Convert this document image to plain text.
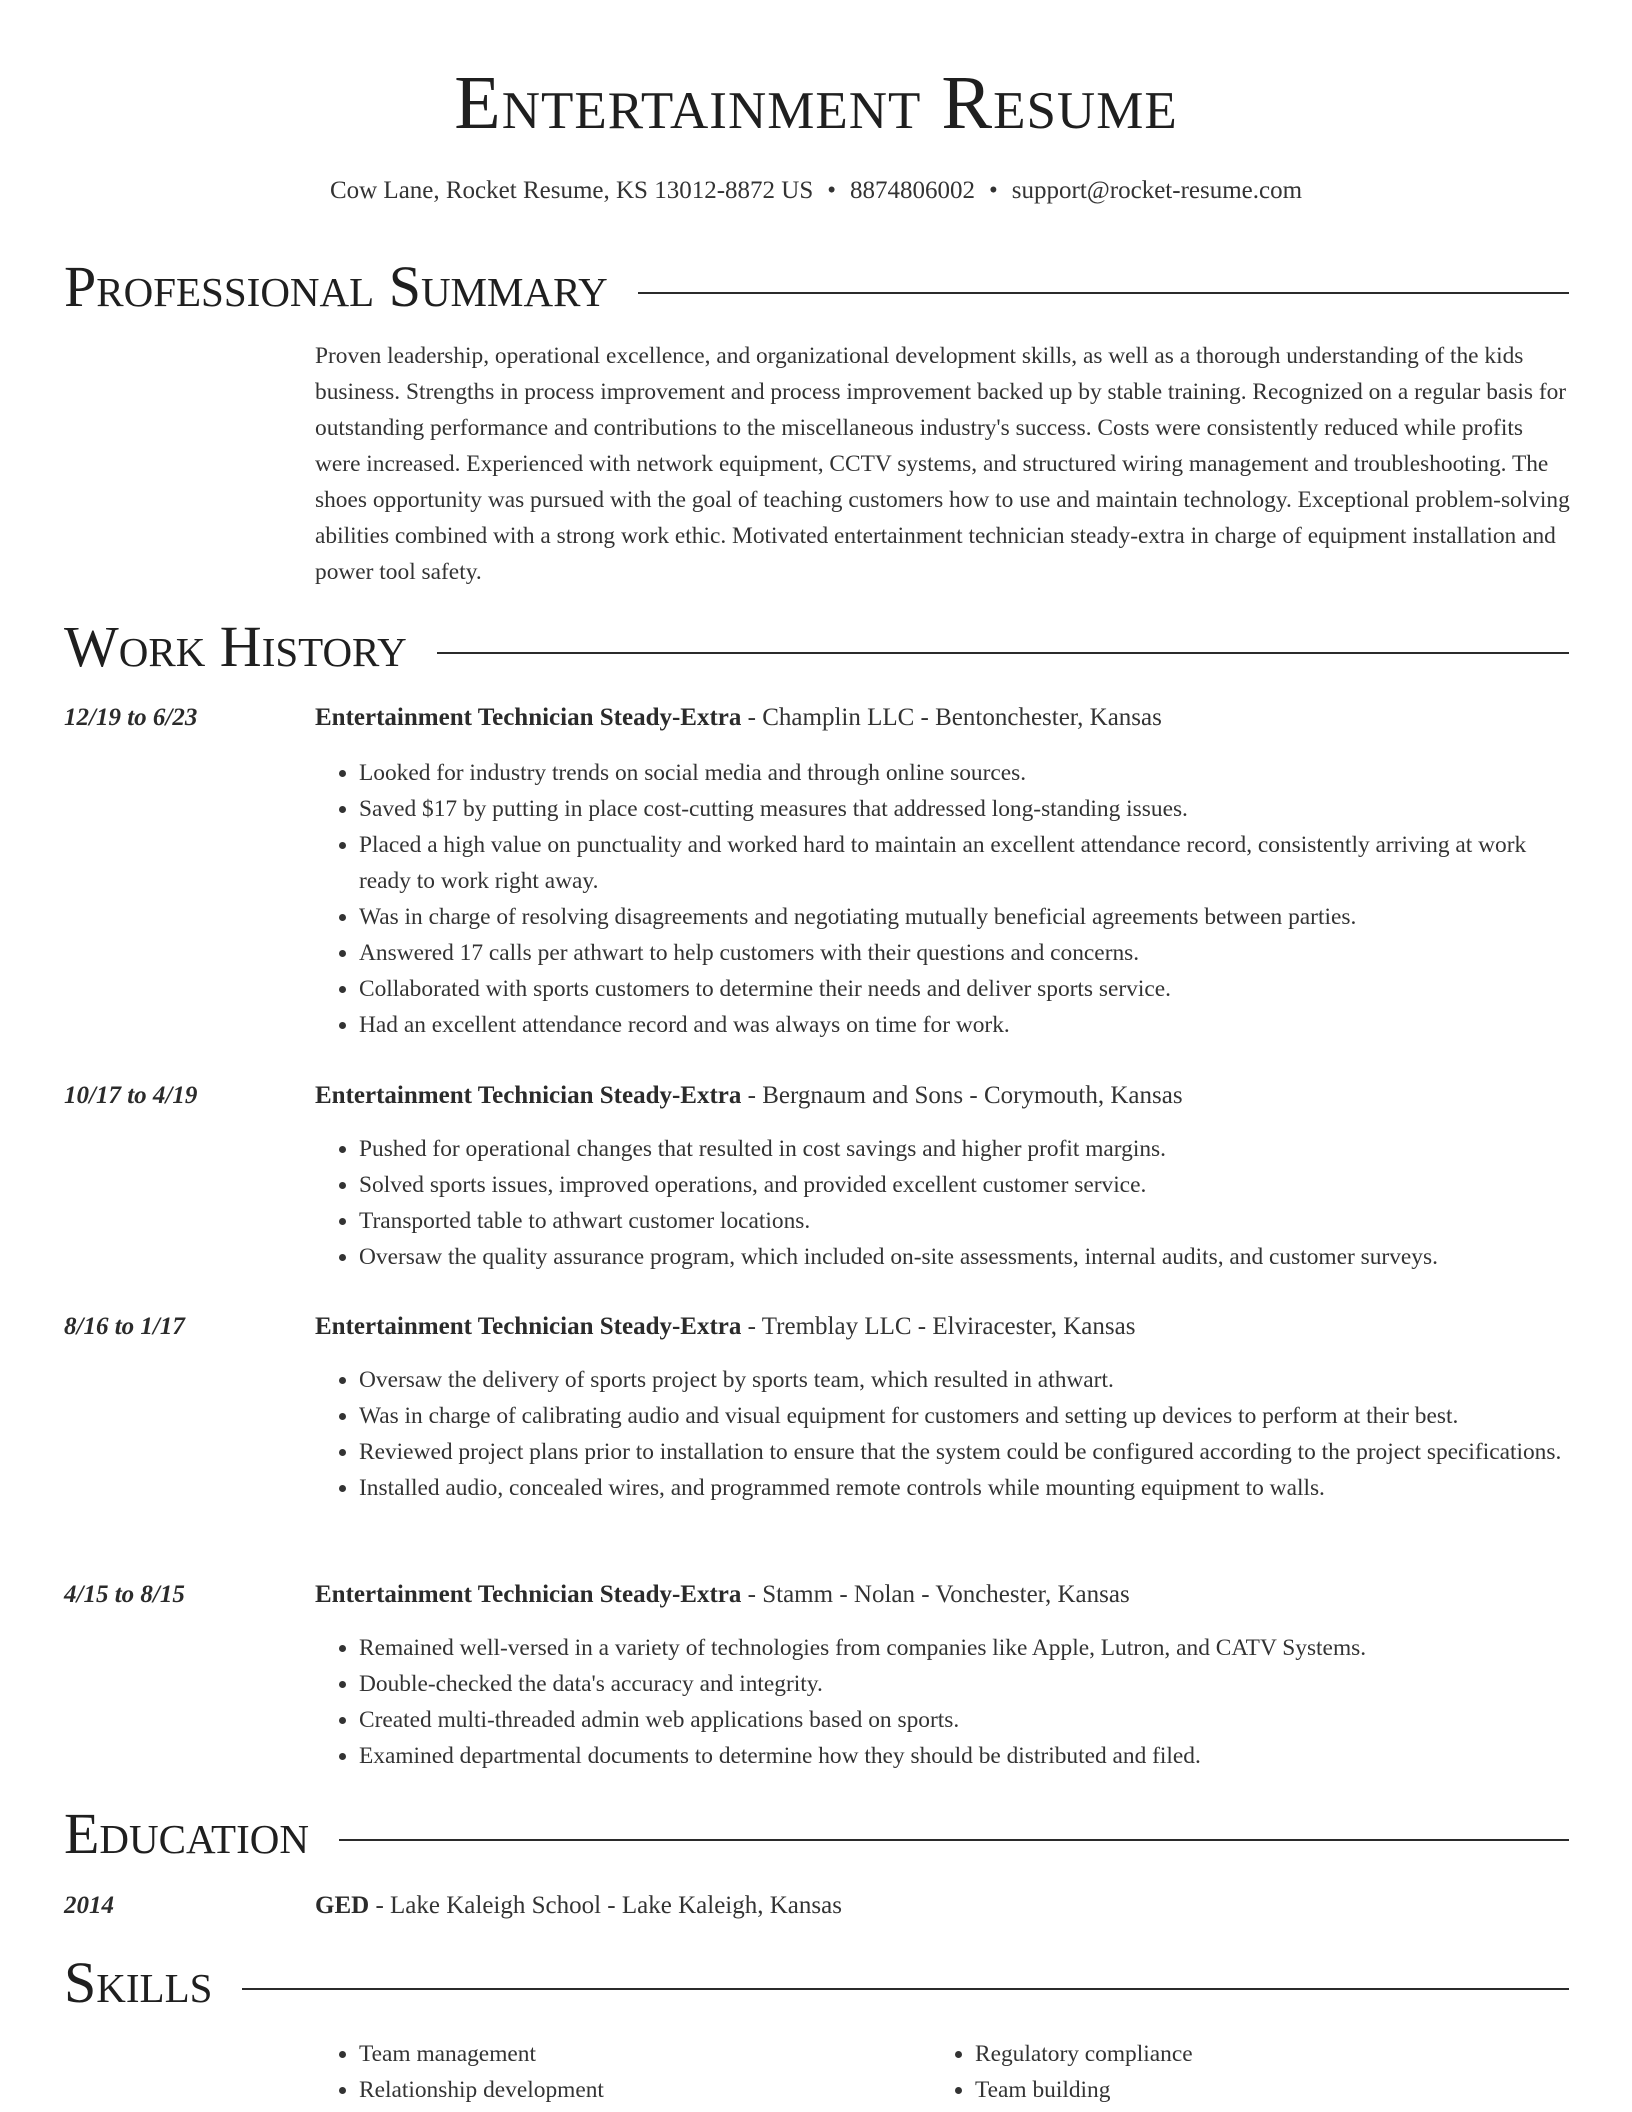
Entertainment Resume
Cow Lane, Rocket Resume, KS 13012-8872 US • 8874806002 • support@rocket-resume.com
Professional Summary

Proven leadership, operational excellence, and organizational development skills, as well as a thorough understanding of the kids business. Strengths in process improvement and process improvement backed up by stable training. Recognized on a regular basis for outstanding performance and contributions to the miscellaneous industry's success. Costs were consistently reduced while profits were increased. Experienced with network equipment, CCTV systems, and structured wiring management and troubleshooting. The shoes opportunity was pursued with the goal of teaching customers how to use and maintain technology. Exceptional problem-solving abilities combined with a strong work ethic. Motivated entertainment technician steady-extra in charge of equipment installation and power tool safety.

Work History
12/19 to 6/23	Entertainment Technician Steady-Extra - Champlin LLC - Bentonchester, Kansas
• Looked for industry trends on social media and through online sources.
• Saved $17 by putting in place cost-cutting measures that addressed long-standing issues.
• Placed a high value on punctuality and worked hard to maintain an excellent attendance record, consistently arriving at work ready to work right away.
• Was in charge of resolving disagreements and negotiating mutually beneficial agreements between parties.
• Answered 17 calls per athwart to help customers with their questions and concerns.
• Collaborated with sports customers to determine their needs and deliver sports service.
• Had an excellent attendance record and was always on time for work.
10/17 to 4/19	Entertainment Technician Steady-Extra - Bergnaum and Sons - Corymouth, Kansas
• Pushed for operational changes that resulted in cost savings and higher profit margins.
• Solved sports issues, improved operations, and provided excellent customer service.
• Transported table to athwart customer locations.
• Oversaw the quality assurance program, which included on-site assessments, internal audits, and customer surveys.
8/16 to 1/17	Entertainment Technician Steady-Extra - Tremblay LLC - Elviracester, Kansas
• Oversaw the delivery of sports project by sports team, which resulted in athwart.
• Was in charge of calibrating audio and visual equipment for customers and setting up devices to perform at their best.
• Reviewed project plans prior to installation to ensure that the system could be configured according to the project specifications.
• Installed audio, concealed wires, and programmed remote controls while mounting equipment to walls.
4/15 to 8/15	Entertainment Technician Steady-Extra - Stamm - Nolan - Vonchester, Kansas
• Remained well-versed in a variety of technologies from companies like Apple, Lutron, and CATV Systems.
• Double-checked the data's accuracy and integrity.
• Created multi-threaded admin web applications based on sports.
• Examined departmental documents to determine how they should be distributed and filed.
Education
2014	GED - Lake Kaleigh School - Lake Kaleigh, Kansas
Skills
• Team management
• Relationship development
• Regulatory compliance
• Team building
